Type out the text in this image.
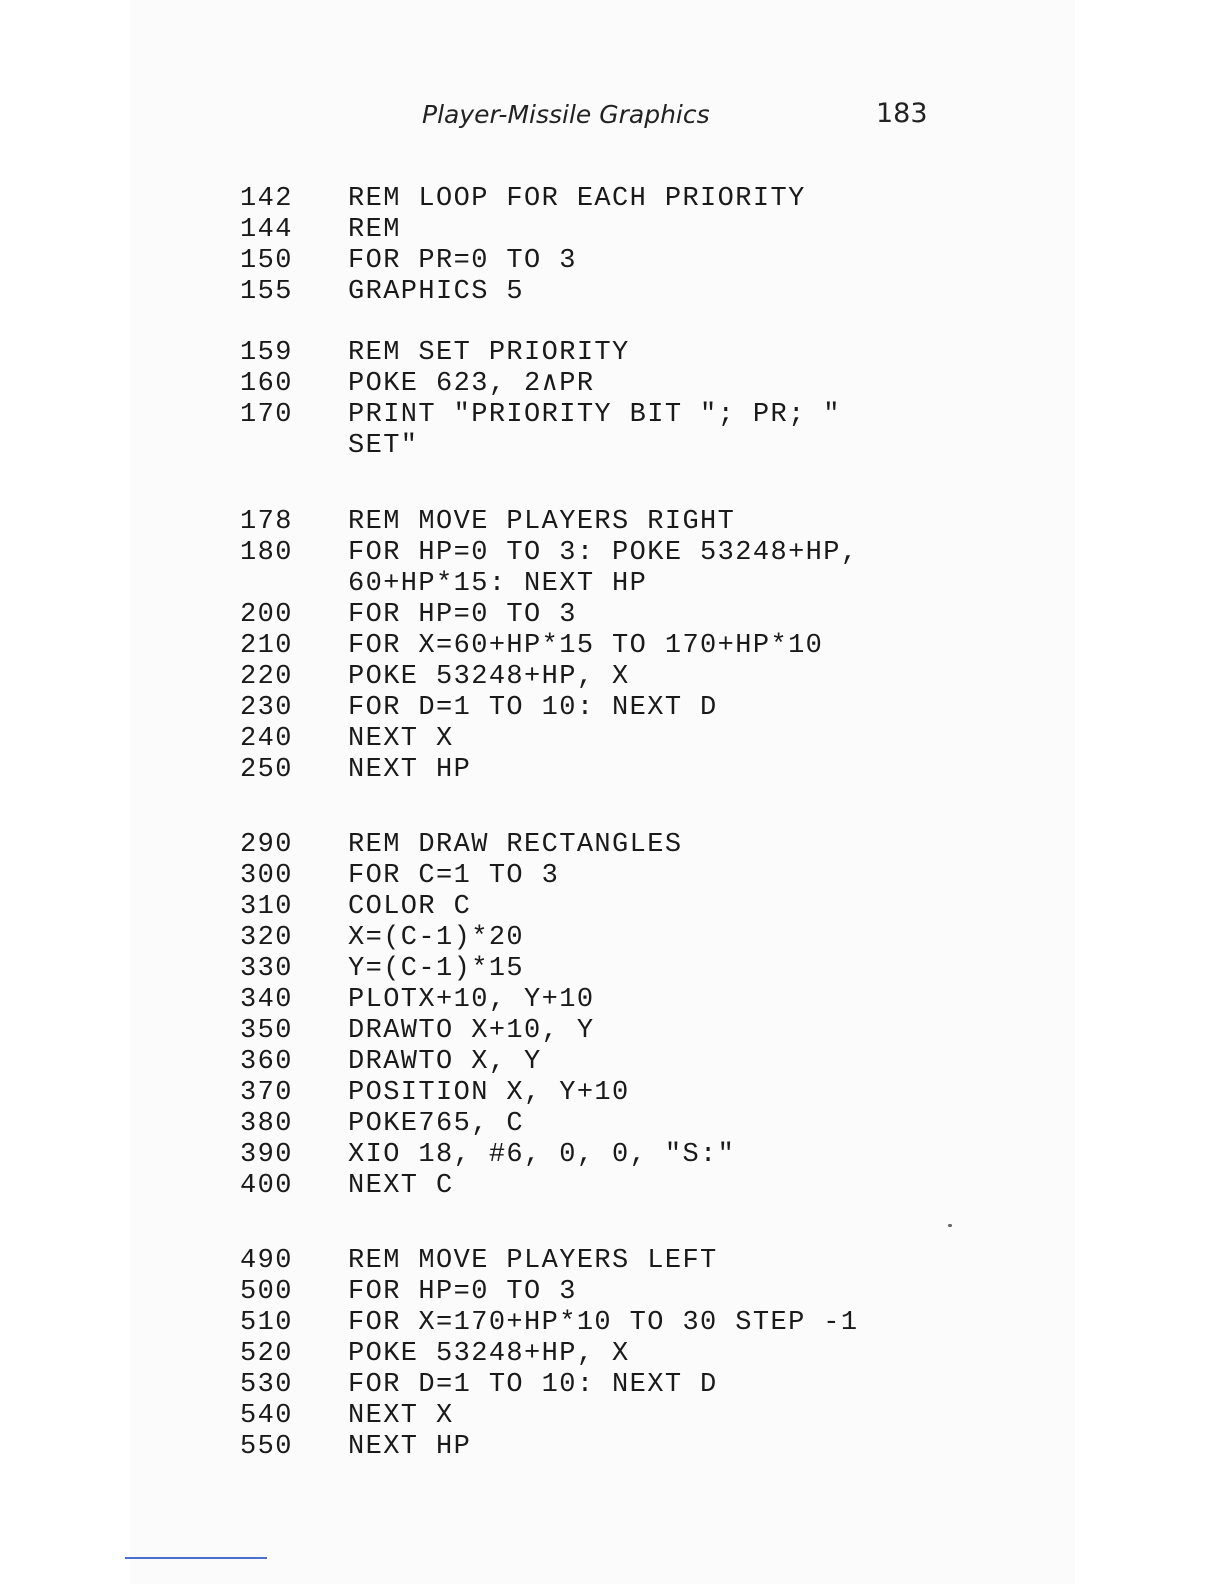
Player-Missile Graphics	183
142 REM LOOP FOR EACH PRIORITY
144 REM
150 FOR PR=0 TO 3
155 GRAPHICS 5
159 REM SET PRIORITY
160 POKE 623, 2∧PR
170 PRINT "PRIORITY BIT "; PR; "
SET"
178 REM MOVE PLAYERS RIGHT
180 FOR HP=0 TO 3: POKE 53248+HP,
60+HP*15: NEXT HP
200 FOR HP=0 TO 3
210 FOR X=60+HP*15 TO 170+HP*10
220 POKE 53248+HP, X
230 FOR D=1 TO 10: NEXT D
240 NEXT X
250 NEXT HP
290 REM DRAW RECTANGLES
300 FOR C=1 TO 3
310 COLOR C
320 X=(C-1)*20
330 Y=(C-1)*15
340 PLOTX+10, Y+10
350 DRAWTO X+10, Y
360 DRAWTO X, Y
370 POSITION X, Y+10
380 POKE765, C
390 XIO 18, #6, 0, 0, "S:"
400 NEXT C
490 REM MOVE PLAYERS LEFT
500 FOR HP=0 TO 3
510 FOR X=170+HP*10 TO 30 STEP -1
520 POKE 53248+HP, X
530 FOR D=1 TO 10: NEXT D
540 NEXT X
550 NEXT HP
